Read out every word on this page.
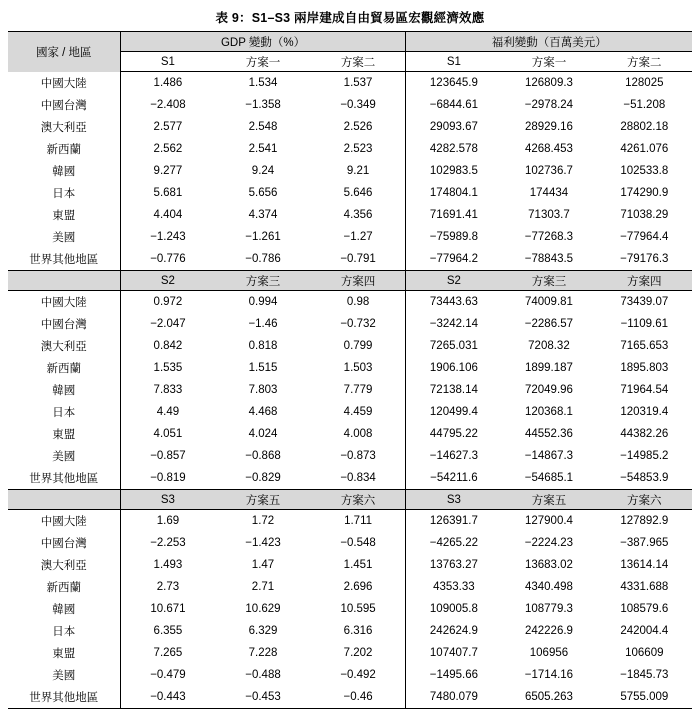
表 9：S1–S3 兩岸建成自由貿易區宏觀經濟效應
國家 / 地區	GDP 變動（%）			福利變動（百萬美元）		
	S1	方案一	方案二	S1	方案一	方案二
中國大陸	1.486	1.534	1.537	123645.9	126809.3	128025
中國台灣	−2.408	−1.358	−0.349	−6844.61	−2978.24	−51.208
澳大利亞	2.577	2.548	2.526	29093.67	28929.16	28802.18
新西蘭	2.562	2.541	2.523	4282.578	4268.453	4261.076
韓國	9.277	9.24	9.21	102983.5	102736.7	102533.8
日本	5.681	5.656	5.646	174804.1	174434	174290.9
東盟	4.404	4.374	4.356	71691.41	71303.7	71038.29
美國	−1.243	−1.261	−1.27	−75989.8	−77268.3	−77964.4
世界其他地區	−0.776	−0.786	−0.791	−77964.2	−78843.5	−79176.3
	S2	方案三	方案四	S2	方案三	方案四
中國大陸	0.972	0.994	0.98	73443.63	74009.81	73439.07
中國台灣	−2.047	−1.46	−0.732	−3242.14	−2286.57	−1109.61
澳大利亞	0.842	0.818	0.799	7265.031	7208.32	7165.653
新西蘭	1.535	1.515	1.503	1906.106	1899.187	1895.803
韓國	7.833	7.803	7.779	72138.14	72049.96	71964.54
日本	4.49	4.468	4.459	120499.4	120368.1	120319.4
東盟	4.051	4.024	4.008	44795.22	44552.36	44382.26
美國	−0.857	−0.868	−0.873	−14627.3	−14867.3	−14985.2
世界其他地區	−0.819	−0.829	−0.834	−54211.6	−54685.1	−54853.9
	S3	方案五	方案六	S3	方案五	方案六
中國大陸	1.69	1.72	1.711	126391.7	127900.4	127892.9
中國台灣	−2.253	−1.423	−0.548	−4265.22	−2224.23	−387.965
澳大利亞	1.493	1.47	1.451	13763.27	13683.02	13614.14
新西蘭	2.73	2.71	2.696	4353.33	4340.498	4331.688
韓國	10.671	10.629	10.595	109005.8	108779.3	108579.6
日本	6.355	6.329	6.316	242624.9	242226.9	242004.4
東盟	7.265	7.228	7.202	107407.7	106956	106609
美國	−0.479	−0.488	−0.492	−1495.66	−1714.16	−1845.73
世界其他地區	−0.443	−0.453	−0.46	7480.079	6505.263	5755.009
